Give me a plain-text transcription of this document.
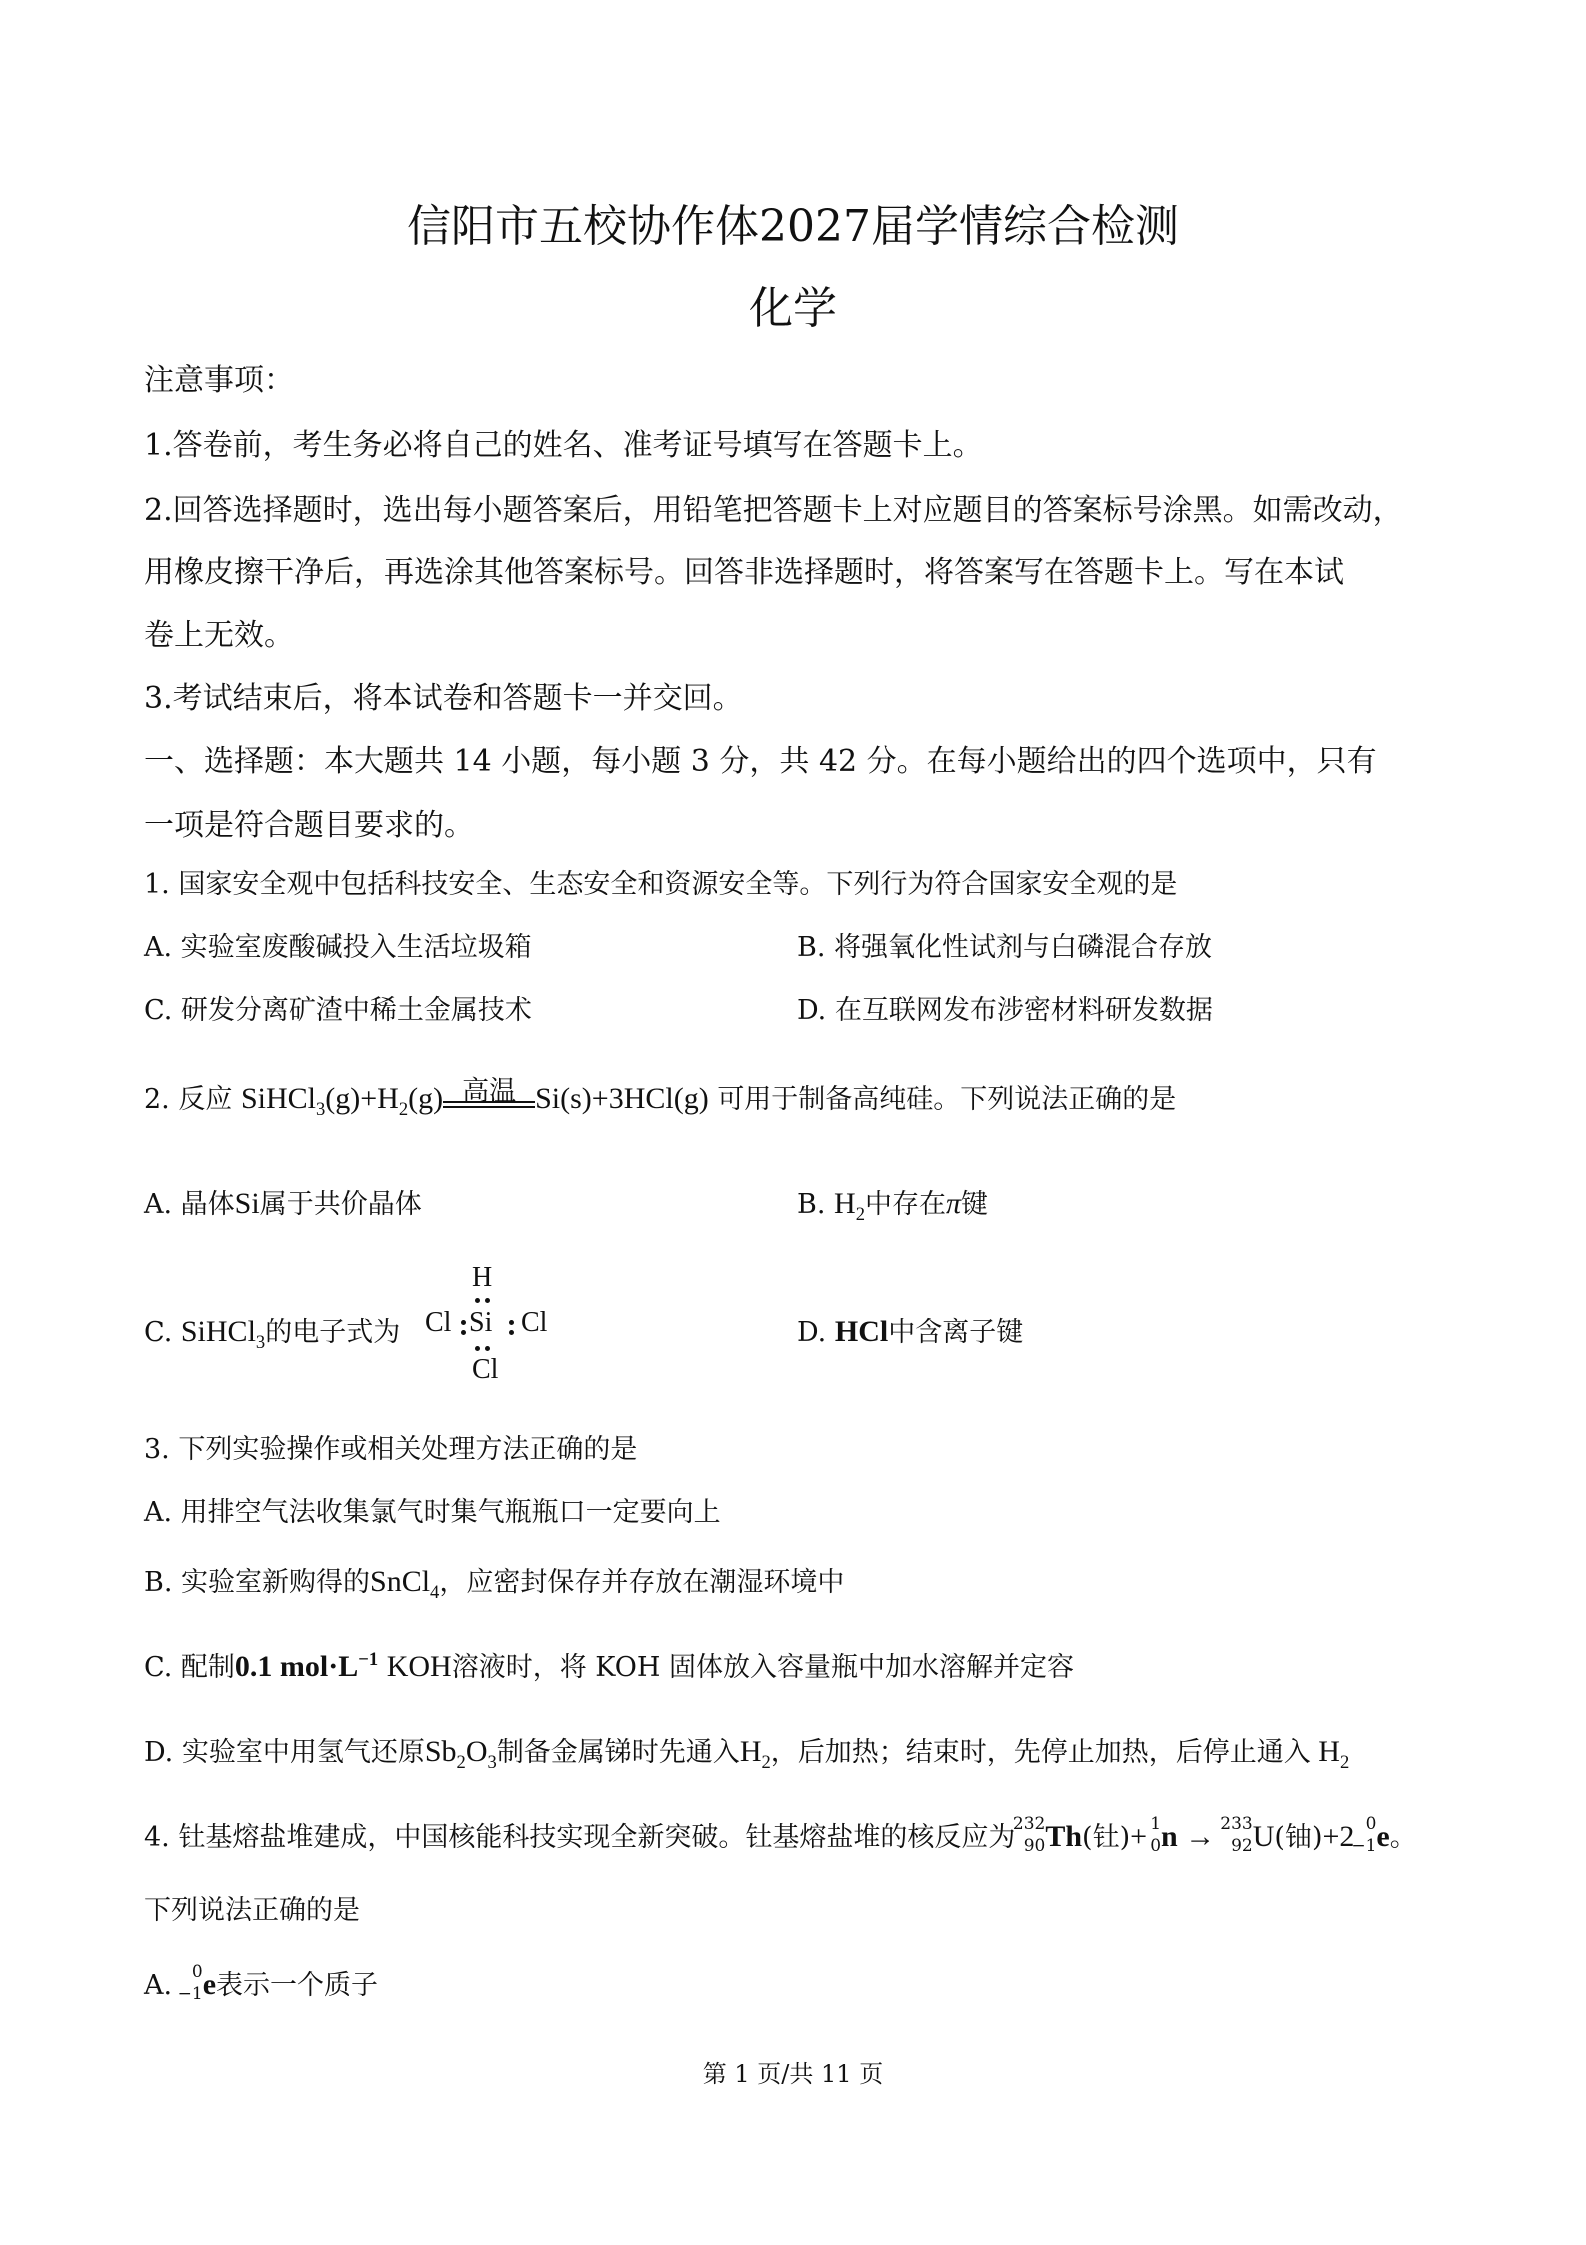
信阳市五校协作体2027届学情综合检测
化学
注意事项：
1.答卷前，考生务必将自己的姓名、准考证号填写在答题卡上。
2.回答选择题时，选出每小题答案后，用铅笔把答题卡上对应题目的答案标号涂黑。如需改动，
用橡皮擦干净后，再选涂其他答案标号。回答非选择题时，将答案写在答题卡上。写在本试
卷上无效。
3.考试结束后，将本试卷和答题卡一并交回。
一、选择题：本大题共 14 小题，每小题 3 分，共 42 分。在每小题给出的四个选项中，只有
一项是符合题目要求的。
1. 国家安全观中包括科技安全、生态安全和资源安全等。下列行为符合国家安全观的是
A. 实验室废酸碱投入生活垃圾箱	B. 将强氧化性试剂与白磷混合存放
C. 研发分离矿渣中稀土金属技术	D. 在互联网发布涉密材料研发数据
2. 反应 $SiHCl_3(g)+H_2(g)$ 高温 Si(s)+3HCl(g) 可用于制备高纯硅。下列说法正确的是
A. 晶体Si属于共价晶体	B. $H_2$中存在π键
C. SiHCl$_3$的电子式为
H
Cl Si Cl
Cl
D. HCl中含离子键
3. 下列实验操作或相关处理方法正确的是
A. 用排空气法收集氯气时集气瓶瓶口一定要向上
B. 实验室新购得的SnCl$_4$，应密封保存并存放在潮湿环境中
C. 配制0.1 $mol\cdot L^{-1}$ KOH溶液时，将 KOH 固体放入容量瓶中加水溶解并定容
D. 实验室中用氢气还原$Sb_2O_3$制备金属锑时先通入$H_2$，后加热；结束时，先停止加热，后停止通入 $H_2$
4. 钍基熔盐堆建成，中国核能科技实现全新突破。钍基熔盐堆的核反应为
232
90 Th(钍)+ 1
0 n →
233
92 U(铀)+2 0
−1 e。
下列说法正确的是
A. 0
−1 e表示一个质子
第 1 页/共 11 页
